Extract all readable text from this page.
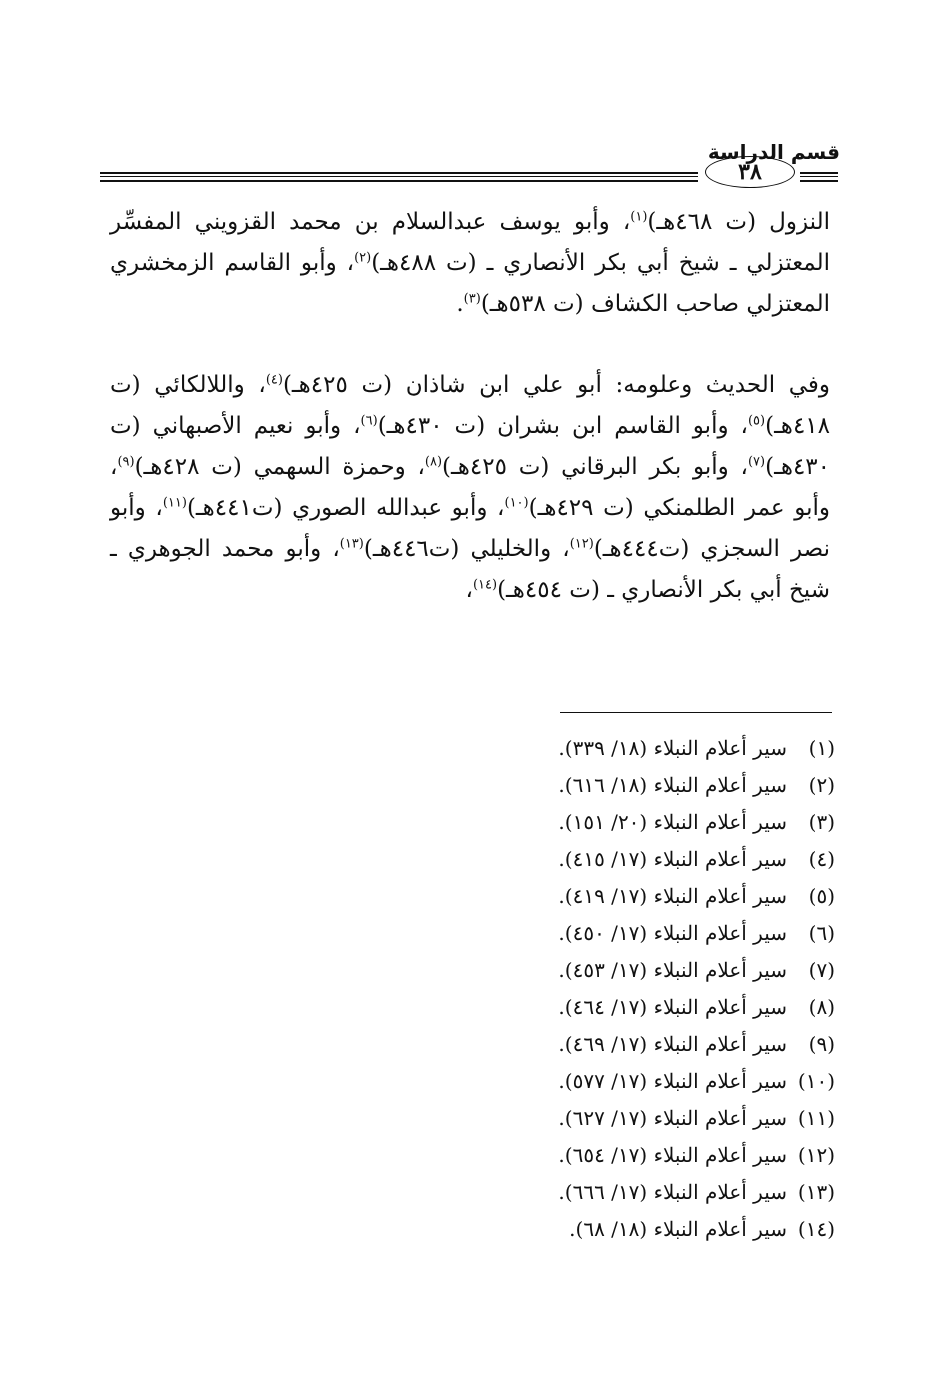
قسم الدراسة
٣٨

النزول (ت ٤٦٨هـ)$^{(١)}$، وأبو يوسف عبدالسلام بن محمد القزويني المفسِّر المعتزلي ـ شيخ أبي بكر الأنصاري ـ (ت ٤٨٨هـ)$^{(٢)}$، وأبو القاسم الزمخشري المعتزلي صاحب الكشاف (ت ٥٣٨هـ)$^{(٣)}$.

وفي الحديث وعلومه: أبو علي ابن شاذان (ت ٤٢٥هـ)$^{(٤)}$، واللالكائي (ت ٤١٨هـ)$^{(٥)}$، وأبو القاسم ابن بشران (ت ٤٣٠هـ)$^{(٦)}$، وأبو نعيم الأصبهاني (ت ٤٣٠هـ)$^{(٧)}$، وأبو بكر البرقاني (ت ٤٢٥هـ)$^{(٨)}$، وحمزة السهمي (ت ٤٢٨هـ)$^{(٩)}$، وأبو عمر الطلمنكي (ت ٤٢٩هـ)$^{(١٠)}$، وأبو عبدالله الصوري (ت٤٤١هـ)$^{(١١)}$، وأبو نصر السجزي (ت٤٤٤هـ)$^{(١٢)}$، والخليلي (ت٤٤٦هـ)$^{(١٣)}$، وأبو محمد الجوهري ـ شيخ أبي بكر الأنصاري ـ (ت ٤٥٤هـ)$^{(١٤)}$،

(١)
سير أعلام النبلاء (١٨/ ٣٣٩).
(٢)
سير أعلام النبلاء (١٨/ ٦١٦).
(٣)
سير أعلام النبلاء (٢٠/ ١٥١).
(٤)
سير أعلام النبلاء (١٧/ ٤١٥).
(٥)
سير أعلام النبلاء (١٧/ ٤١٩).
(٦)
سير أعلام النبلاء (١٧/ ٤٥٠).
(٧)
سير أعلام النبلاء (١٧/ ٤٥٣).
(٨)
سير أعلام النبلاء (١٧/ ٤٦٤).
(٩)
سير أعلام النبلاء (١٧/ ٤٦٩).
(١٠)
سير أعلام النبلاء (١٧/ ٥٧٧).
(١١)
سير أعلام النبلاء (١٧/ ٦٢٧).
(١٢)
سير أعلام النبلاء (١٧/ ٦٥٤).
(١٣)
سير أعلام النبلاء (١٧/ ٦٦٦).
(١٤)
سير أعلام النبلاء (١٨/ ٦٨).
